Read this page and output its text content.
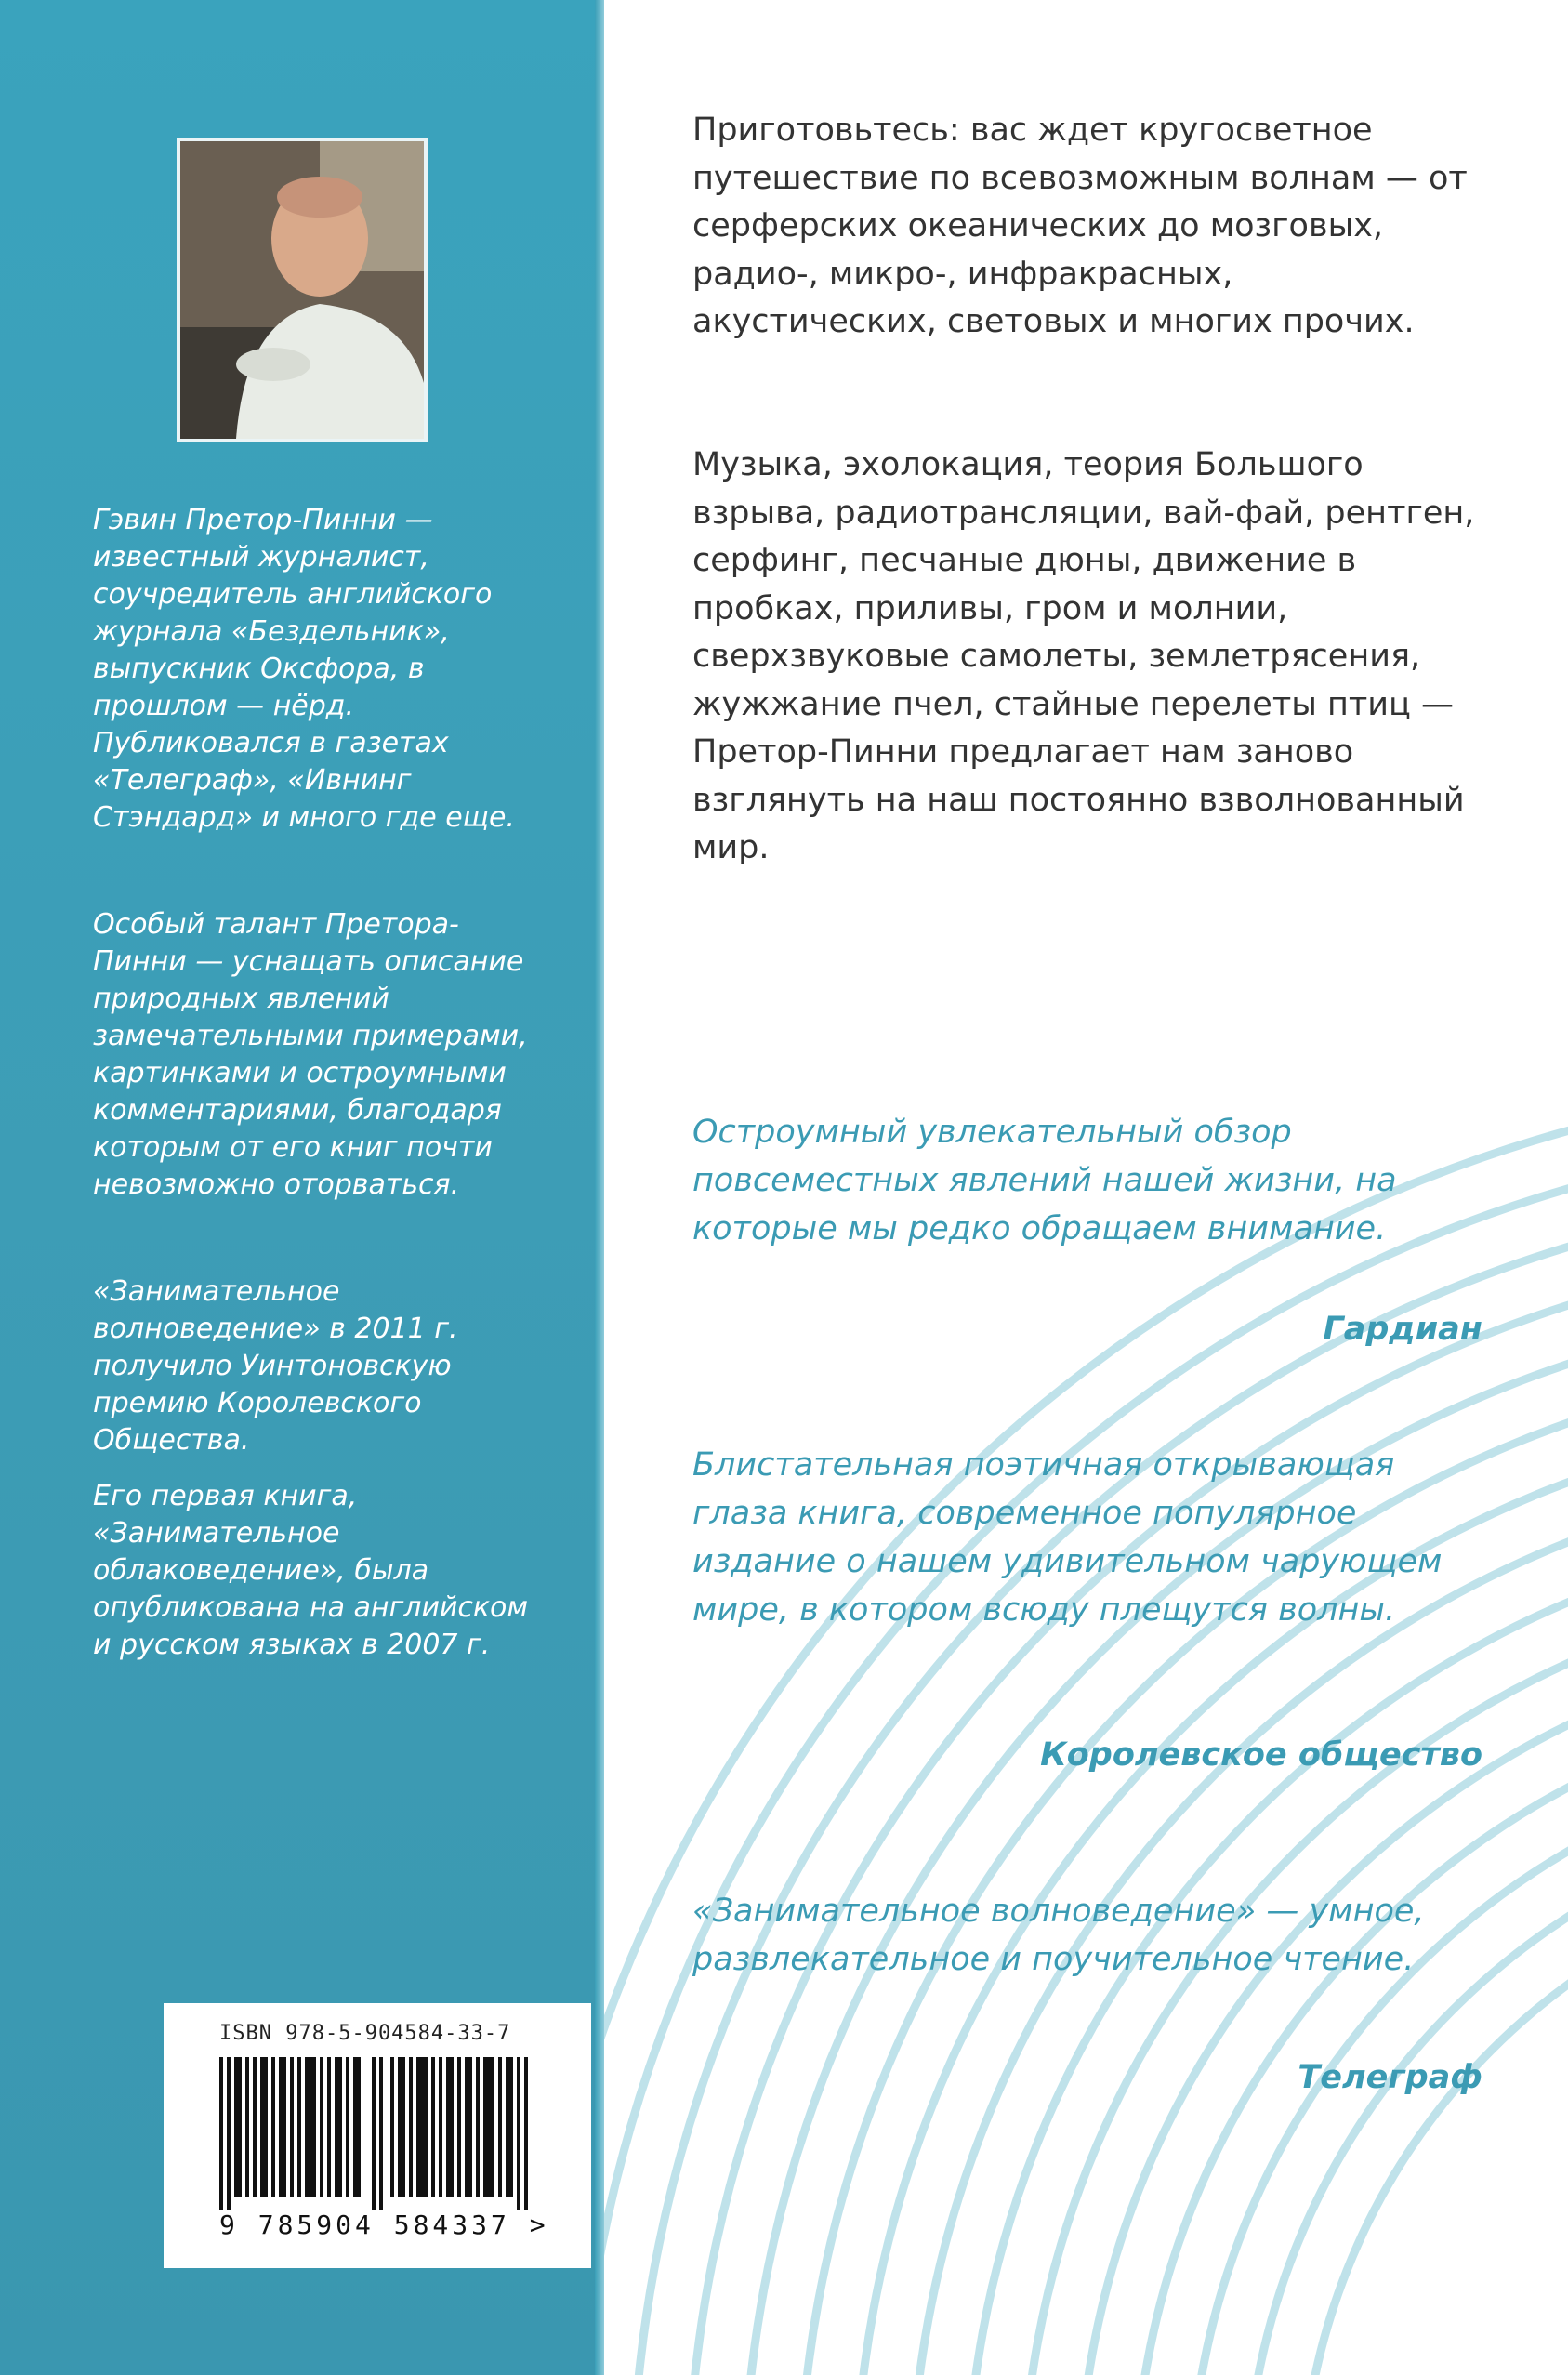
Гэвин Претор-Пинни — известный журналист, соучредитель английского журнала «Бездельник», выпускник Оксфора, в прошлом — нёрд. Публиковался в газетах «Телеграф», «Ивнинг Стэндард» и много где еще.

Особый талант Претора-Пинни — уснащать описание природных явлений замечательными примерами, картинками и остроумными комментариями, благодаря которым от его книг почти невозможно оторваться.

«Занимательное волноведение» в 2011 г. получило Уинтоновскую премию Королевского Общества.

Его первая книга, «Занимательное облаковедение», была опубликована на английском и русском языках в 2007 г.

ISBN 978-5-904584-33-7
9 785904 584337 >

Приготовьтесь: вас ждет кругосветное путешествие по всевозможным волнам — от серферских океанических до мозговых, радио-, микро-, инфракрасных, акустических, световых и многих прочих.

Музыка, эхолокация, теория Большого взрыва, радиотрансляции, вай-фай, рентген, серфинг, песчаные дюны, движение в пробках, приливы, гром и молнии, сверхзвуковые самолеты, землетрясения, жужжание пчел, стайные перелеты птиц — Претор-Пинни предлагает нам заново взглянуть на наш постоянно взволнованный мир.

Остроумный увлекательный обзор повсеместных явлений нашей жизни, на которые мы редко обращаем внимание.

Гардиан

Блистательная поэтичная открывающая глаза книга, современное популярное издание о нашем удивительном чарующем мире, в котором всюду плещутся волны.

Королевское общество

«Занимательное волноведение» — умное, развлекательное и поучительное чтение.

Телеграф
